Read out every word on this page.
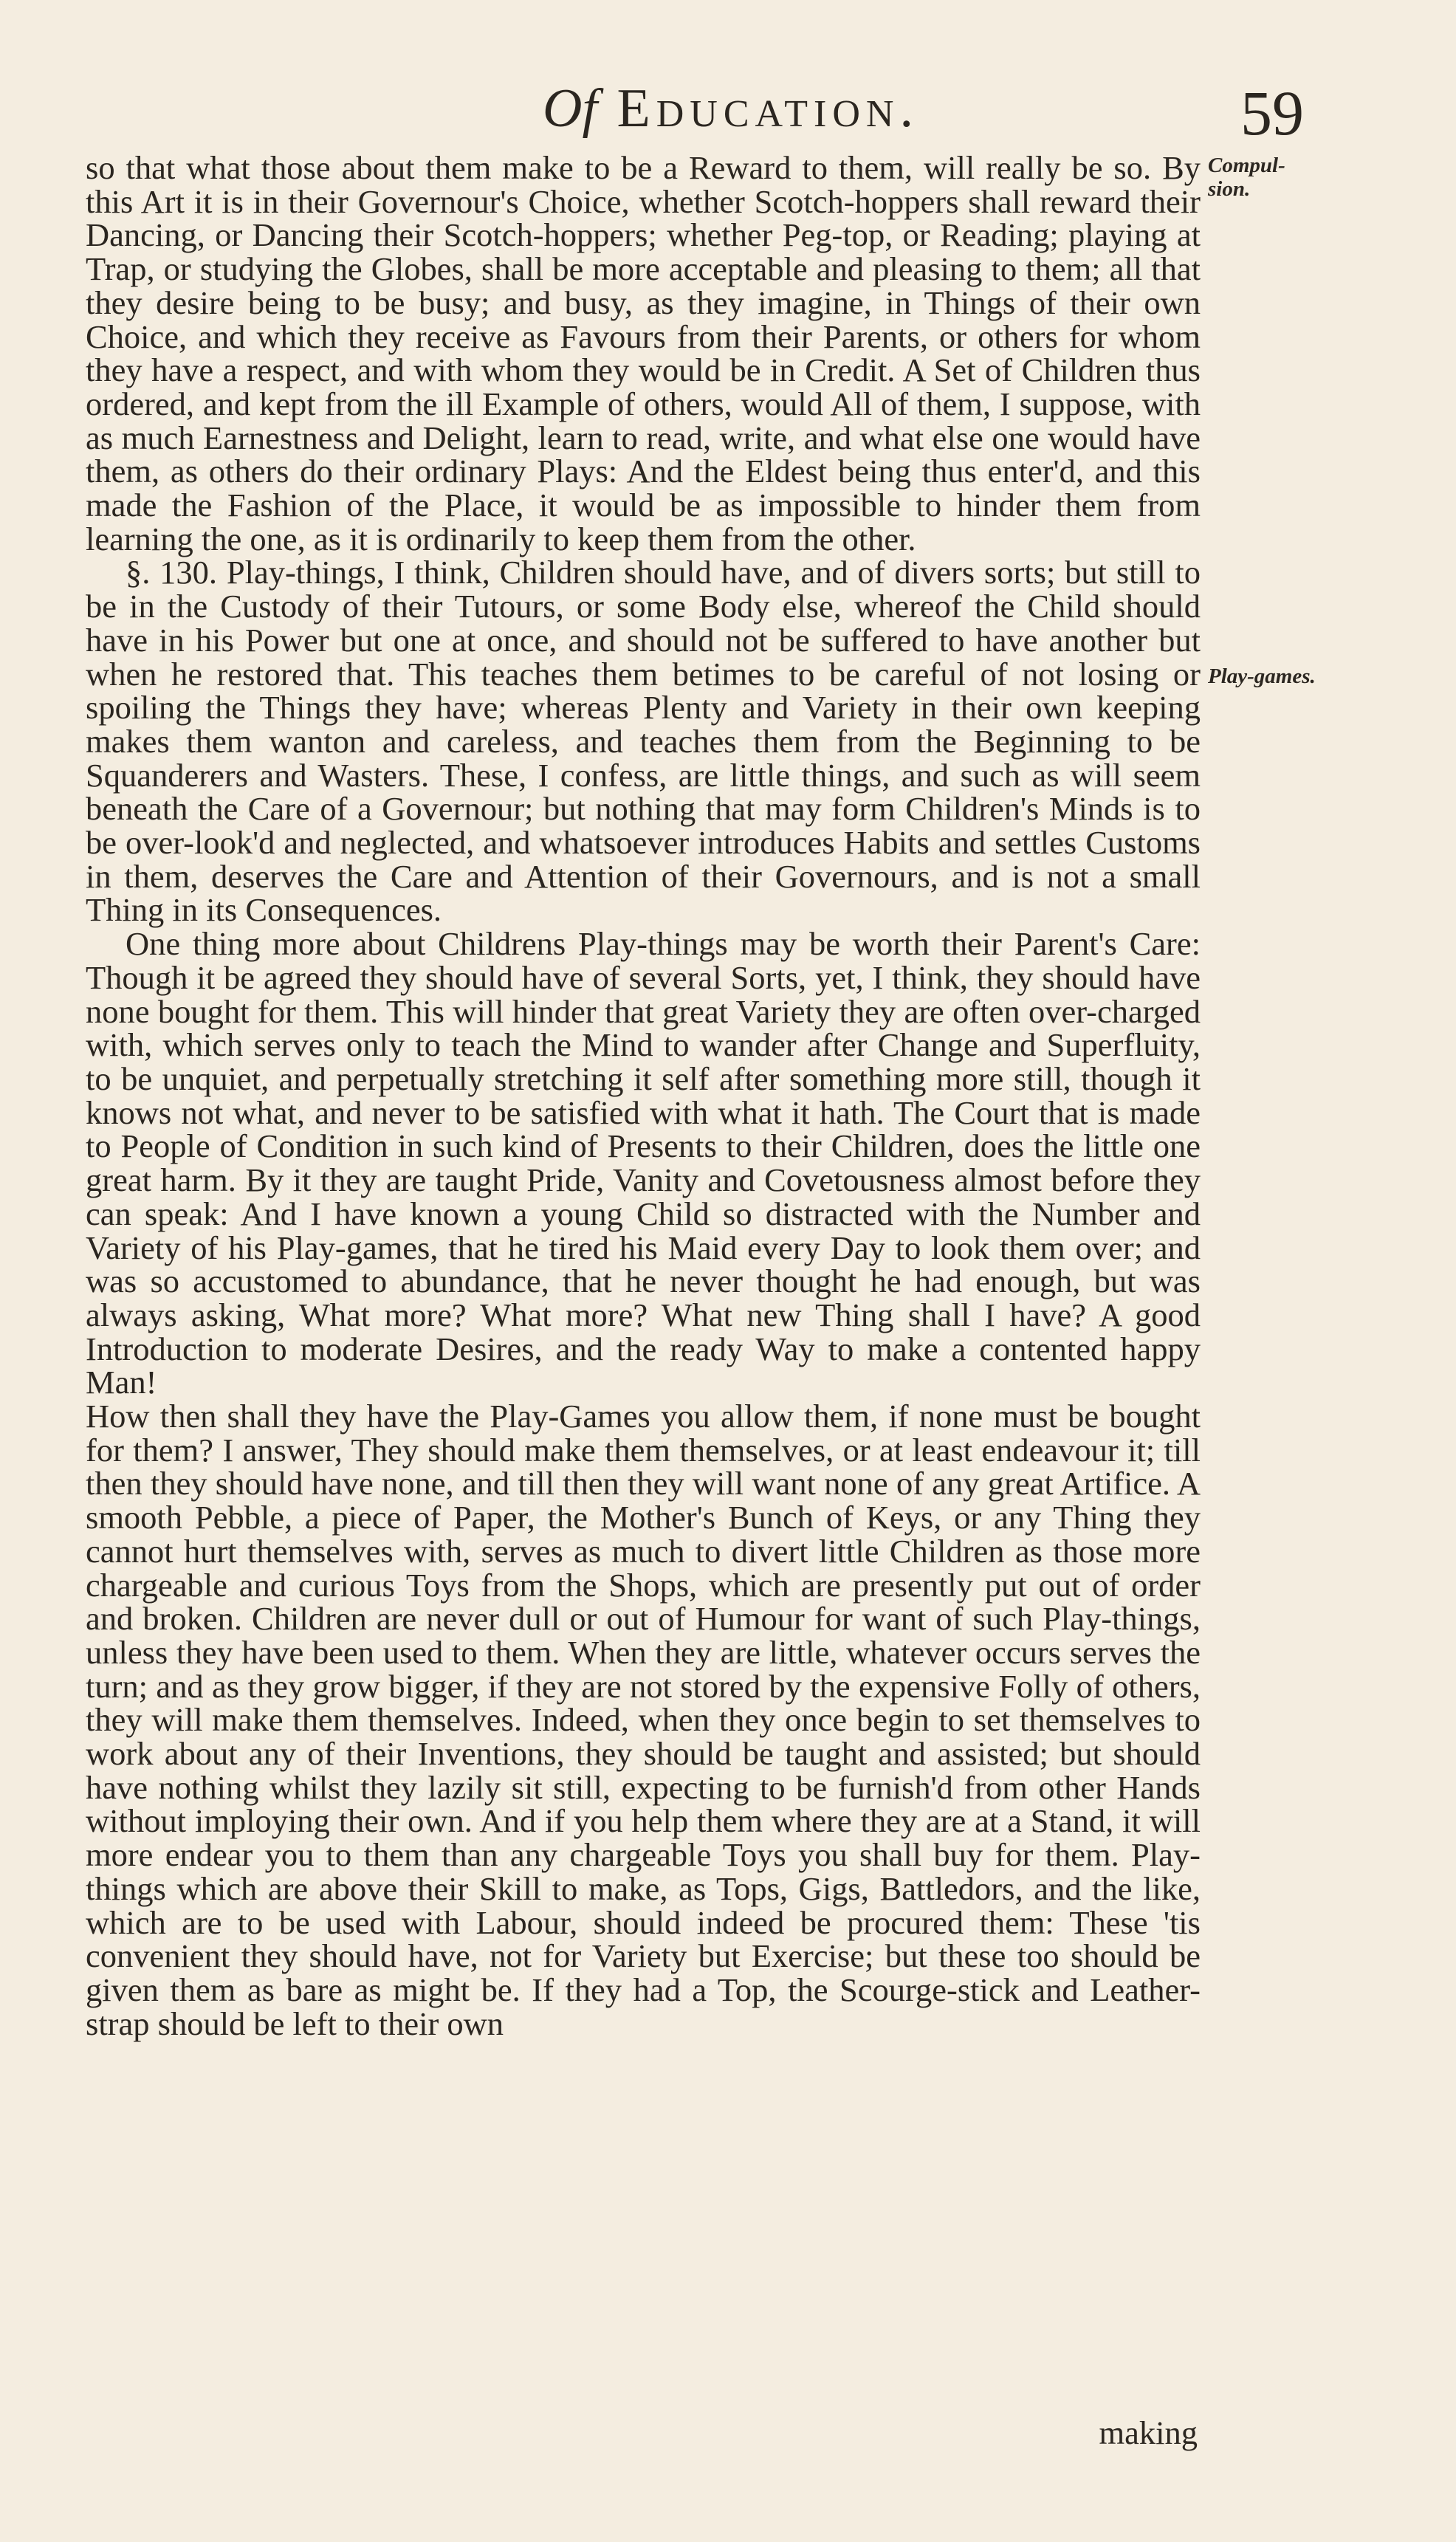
Of Education.	59
Compul-sion.
Play-games.

so that what those about them make to be a Reward to them, will really be so. By this Art it is in their Governour's Choice, whether Scotch-hoppers shall reward their Dancing, or Dancing their Scotch-hoppers; whether Peg-top, or Reading; playing at Trap, or studying the Globes, shall be more acceptable and pleasing to them; all that they desire being to be busy; and busy, as they imagine, in Things of their own Choice, and which they receive as Favours from their Parents, or others for whom they have a respect, and with whom they would be in Credit. A Set of Children thus ordered, and kept from the ill Example of others, would All of them, I suppose, with as much Earnestness and Delight, learn to read, write, and what else one would have them, as others do their ordinary Plays: And the Eldest being thus enter'd, and this made the Fashion of the Place, it would be as impossible to hinder them from learning the one, as it is ordinarily to keep them from the other.

§. 130. Play-things, I think, Children should have, and of divers sorts; but still to be in the Custody of their Tutours, or some Body else, whereof the Child should have in his Power but one at once, and should not be suffered to have another but when he restored that. This teaches them betimes to be careful of not losing or spoiling the Things they have; whereas Plenty and Variety in their own keeping makes them wanton and careless, and teaches them from the Beginning to be Squanderers and Wasters. These, I confess, are little things, and such as will seem beneath the Care of a Governour; but nothing that may form Children's Minds is to be over-look'd and neglected, and whatsoever introduces Habits and settles Customs in them, deserves the Care and Attention of their Governours, and is not a small Thing in its Consequences.

One thing more about Childrens Play-things may be worth their Parent's Care: Though it be agreed they should have of several Sorts, yet, I think, they should have none bought for them. This will hinder that great Variety they are often over-charged with, which serves only to teach the Mind to wander after Change and Superfluity, to be unquiet, and perpetually stretching it self after something more still, though it knows not what, and never to be satisfied with what it hath. The Court that is made to People of Condition in such kind of Presents to their Children, does the little one great harm. By it they are taught Pride, Vanity and Covetousness almost before they can speak: And I have known a young Child so distracted with the Number and Variety of his Play-games, that he tired his Maid every Day to look them over; and was so accustomed to abundance, that he never thought he had enough, but was always asking, What more? What more? What new Thing shall I have? A good Introduction to moderate Desires, and the ready Way to make a contented happy Man!

How then shall they have the Play-Games you allow them, if none must be bought for them? I answer, They should make them themselves, or at least endeavour it; till then they should have none, and till then they will want none of any great Artifice. A smooth Pebble, a piece of Paper, the Mother's Bunch of Keys, or any Thing they cannot hurt themselves with, serves as much to divert little Children as those more chargeable and curious Toys from the Shops, which are presently put out of order and broken. Children are never dull or out of Humour for want of such Play-things, unless they have been used to them. When they are little, whatever occurs serves the turn; and as they grow bigger, if they are not stored by the expensive Folly of others, they will make them themselves. Indeed, when they once begin to set themselves to work about any of their Inventions, they should be taught and assisted; but should have nothing whilst they lazily sit still, expecting to be furnish'd from other Hands without imploying their own. And if you help them where they are at a Stand, it will more endear you to them than any chargeable Toys you shall buy for them. Play-things which are above their Skill to make, as Tops, Gigs, Battledors, and the like, which are to be used with Labour, should indeed be procured them: These 'tis convenient they should have, not for Variety but Exercise; but these too should be given them as bare as might be. If they had a Top, the Scourge-stick and Leather-strap should be left to their own

making
